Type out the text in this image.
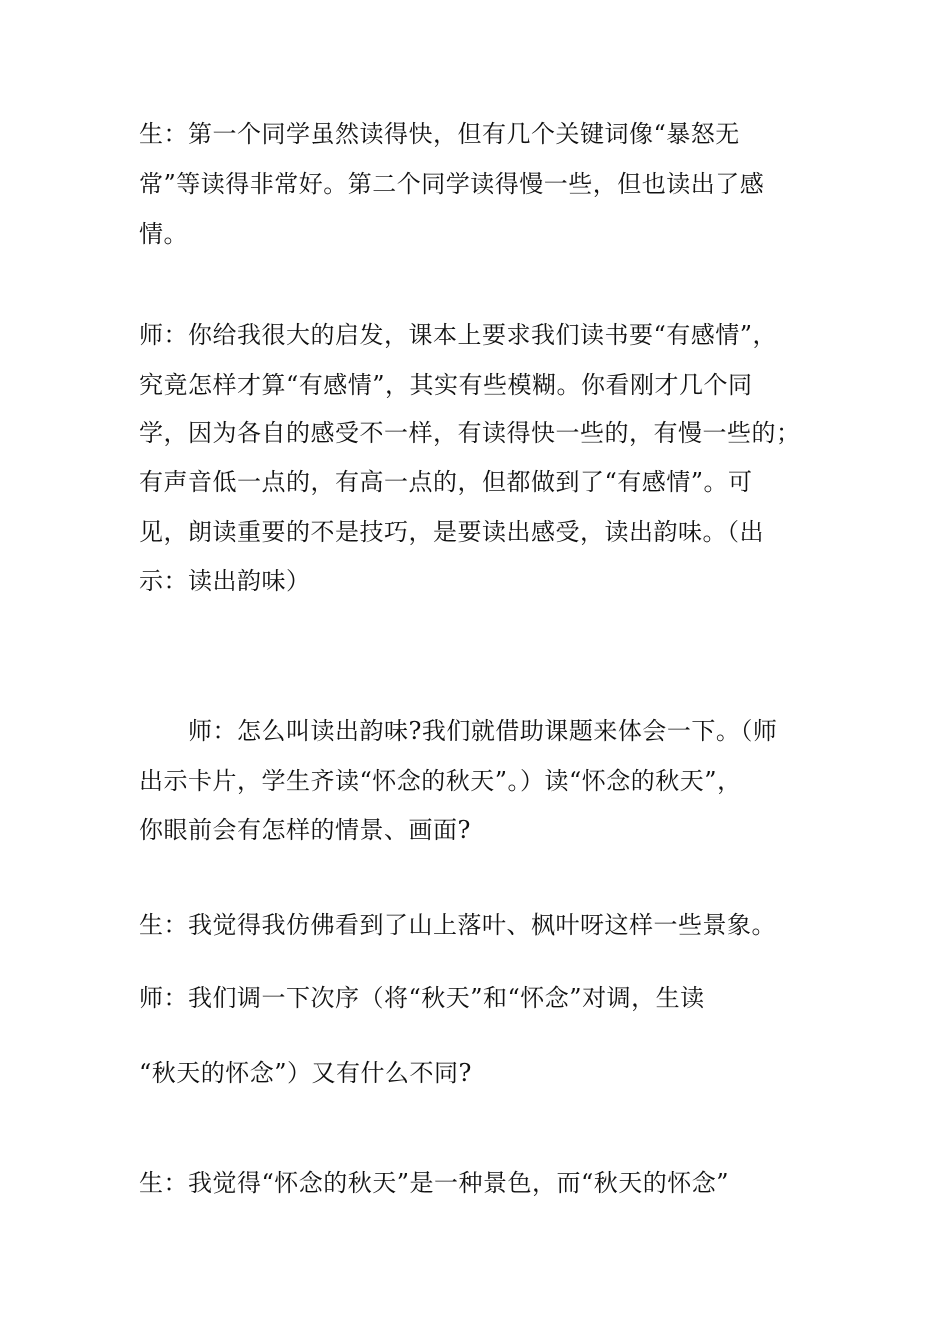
生：第一个同学虽然读得快，但有几个关键词像“暴怒无
常”等读得非常好。第二个同学读得慢一些，但也读出了感
情。
师：你给我很大的启发，课本上要求我们读书要“有感情”，
究竟怎样才算“有感情”，其实有些模糊。你看刚才几个同
学，因为各自的感受不一样，有读得快一些的，有慢一些的；
有声音低一点的，有高一点的，但都做到了“有感情”。可
见，朗读重要的不是技巧，是要读出感受，读出韵味。（出
示：读出韵味）
师：怎么叫读出韵味?我们就借助课题来体会一下。（师
出示卡片，学生齐读“怀念的秋天”。）读“怀念的秋天”，
你眼前会有怎样的情景、画面?
生：我觉得我仿佛看到了山上落叶、枫叶呀这样一些景象。
师：我们调一下次序（将“秋天”和“怀念”对调，生读
“秋天的怀念”）又有什么不同?
生：我觉得“怀念的秋天”是一种景色，而“秋天的怀念”
